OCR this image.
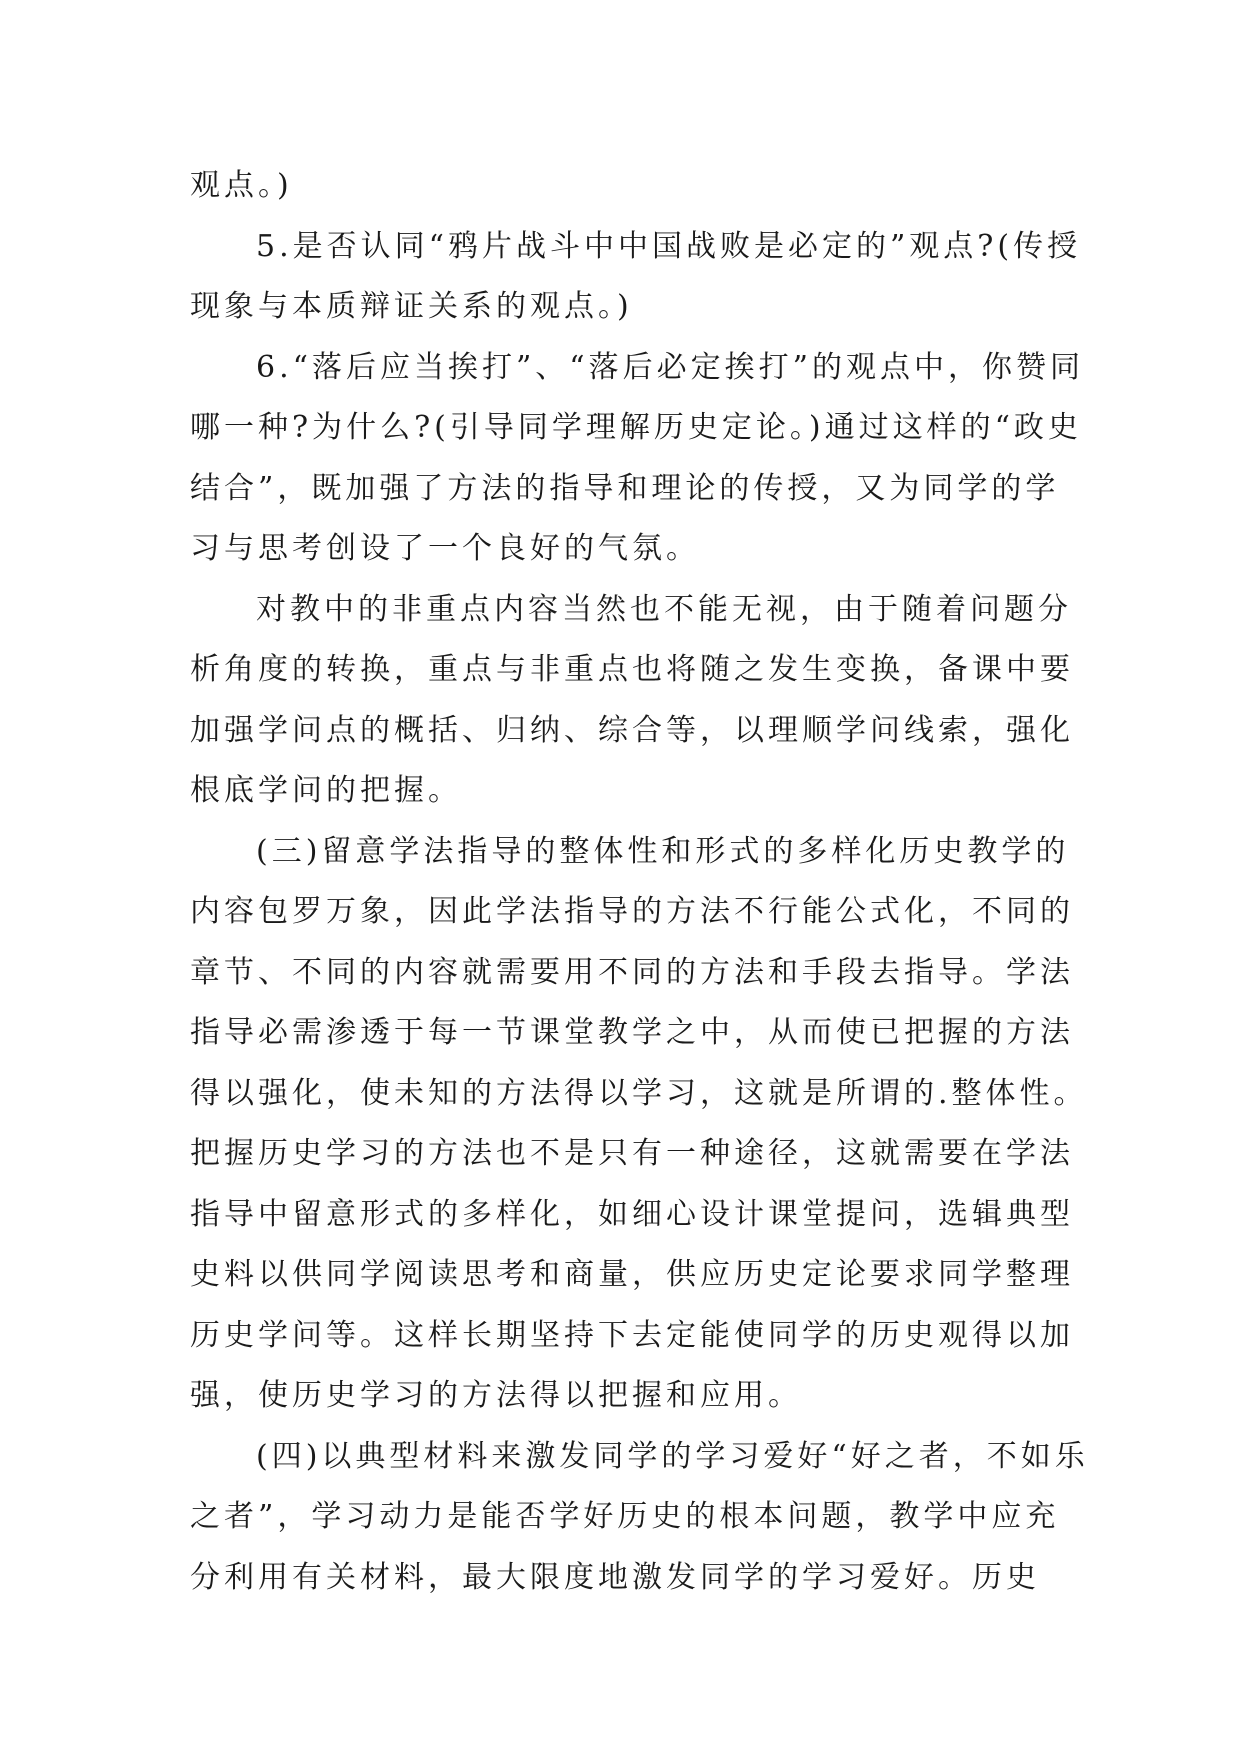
观点。)

5.是否认同“鸦片战斗中中国战败是必定的”观点?(传授现象与本质辩证关系的观点。)

6.“落后应当挨打”、“落后必定挨打”的观点中，你赞同哪一种?为什么?(引导同学理解历史定论。)通过这样的“政史结合”，既加强了方法的指导和理论的传授，又为同学的学习与思考创设了一个良好的气氛。

对教中的非重点内容当然也不能无视，由于随着问题分析角度的转换，重点与非重点也将随之发生变换，备课中要加强学问点的概括、归纳、综合等，以理顺学问线索，强化根底学问的把握。

(三)留意学法指导的整体性和形式的多样化历史教学的内容包罗万象，因此学法指导的方法不行能公式化，不同的章节、不同的内容就需要用不同的方法和手段去指导。学法指导必需渗透于每一节课堂教学之中，从而使已把握的方法得以强化，使未知的方法得以学习，这就是所谓的.整体性。把握历史学习的方法也不是只有一种途径，这就需要在学法指导中留意形式的多样化，如细心设计课堂提问，选辑典型史料以供同学阅读思考和商量，供应历史定论要求同学整理历史学问等。这样长期坚持下去定能使同学的历史观得以加强，使历史学习的方法得以把握和应用。

(四)以典型材料来激发同学的学习爱好“好之者，不如乐之者”，学习动力是能否学好历史的根本问题，教学中应充分利用有关材料，最大限度地激发同学的学习爱好。历史
